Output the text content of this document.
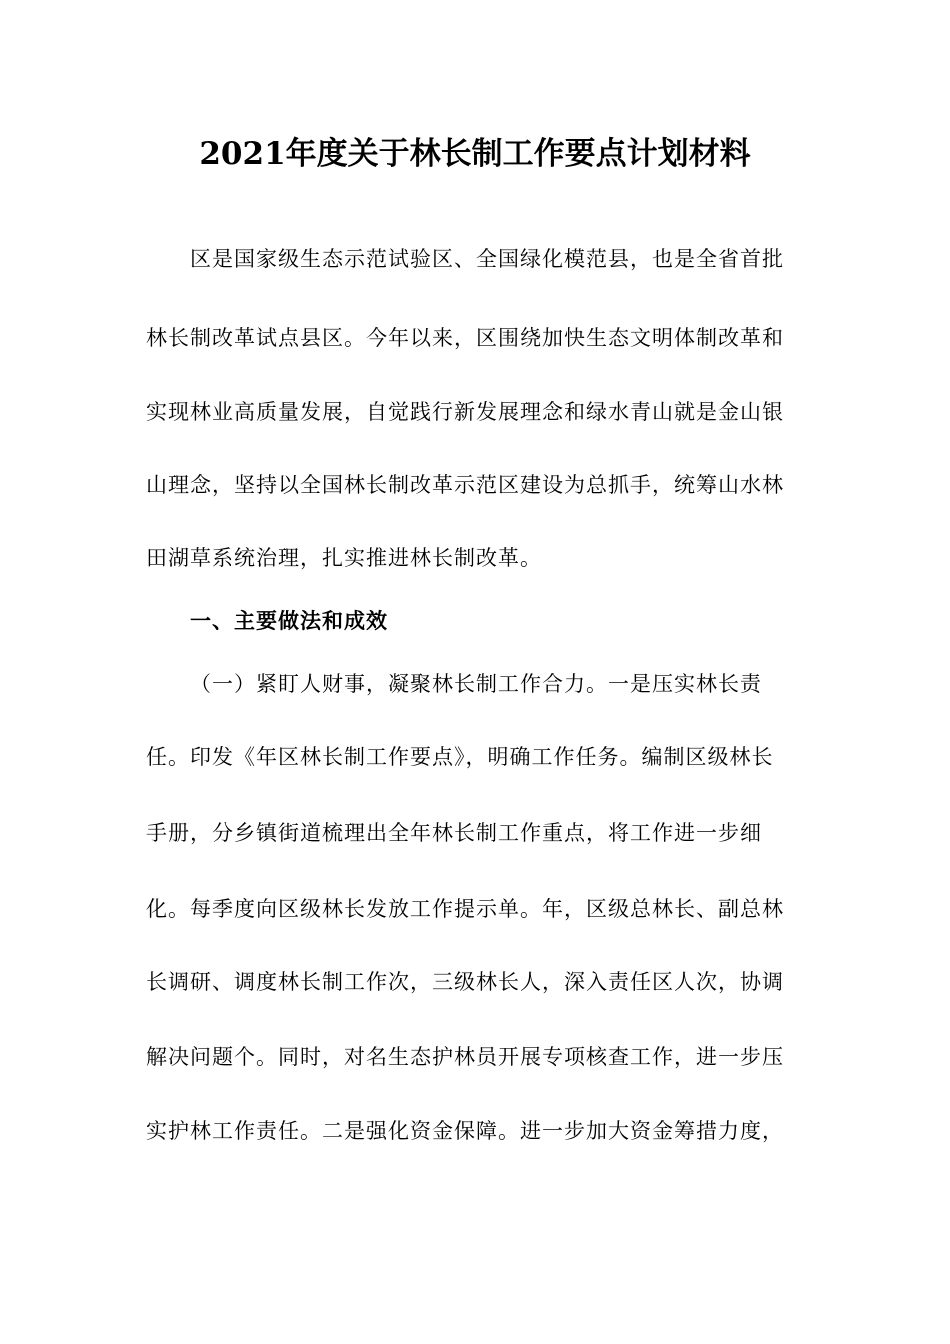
2021年度关于林长制工作要点计划材料
区是国家级生态示范试验区、全国绿化模范县，也是全省首批
林长制改革试点县区。今年以来，区围绕加快生态文明体制改革和
实现林业高质量发展，自觉践行新发展理念和绿水青山就是金山银
山理念，坚持以全国林长制改革示范区建设为总抓手，统筹山水林
田湖草系统治理，扎实推进林长制改革。
一、主要做法和成效
（一）紧盯人财事，凝聚林长制工作合力。一是压实林长责
任。印发《年区林长制工作要点》，明确工作任务。编制区级林长
手册，分乡镇街道梳理出全年林长制工作重点，将工作进一步细
化。每季度向区级林长发放工作提示单。年，区级总林长、副总林
长调研、调度林长制工作次，三级林长人，深入责任区人次，协调
解决问题个。同时，对名生态护林员开展专项核查工作，进一步压
实护林工作责任。二是强化资金保障。进一步加大资金筹措力度，
